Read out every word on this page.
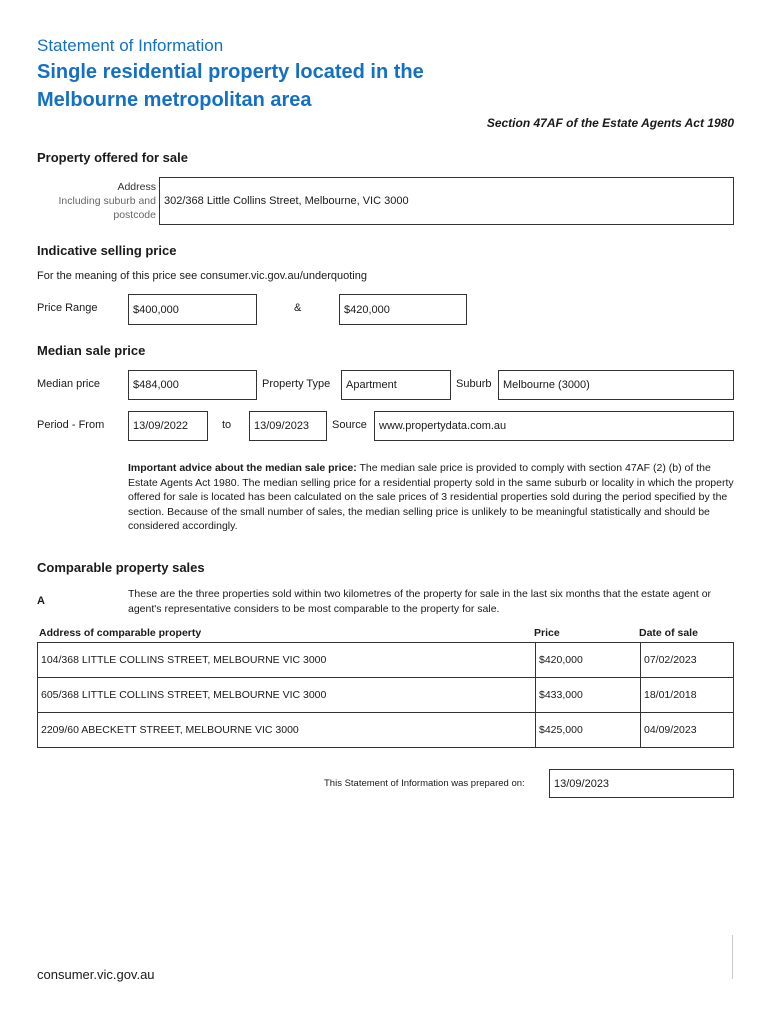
Statement of Information
Single residential property located in the
Melbourne metropolitan area
Section 47AF of the Estate Agents Act 1980
Property offered for sale
Address
Including suburb and
postcode
302/368 Little Collins Street, Melbourne, VIC 3000
Indicative selling price
For the meaning of this price see consumer.vic.gov.au/underquoting
Price Range	$400,000	&	$420,000
Median sale price
Median price	$484,000	Property Type	Apartment	Suburb	Melbourne (3000)
Period - From	13/09/2022	to	13/09/2023	Source	www.propertydata.com.au
Important advice about the median sale price: The median sale price is provided to comply with section 47AF (2) (b) of the Estate Agents Act 1980. The median selling price for a residential property sold in the same suburb or locality in which the property offered for sale is located has been calculated on the sale prices of 3 residential properties sold during the period specified by the section. Because of the small number of sales, the median selling price is unlikely to be meaningful statistically and should be considered accordingly.
Comparable property sales
A
These are the three properties sold within two kilometres of the property for sale in the last six months that the estate agent or agent's representative considers to be most comparable to the property for sale.
Address of comparable property	Price	Date of sale
104/368 LITTLE COLLINS STREET, MELBOURNE VIC 3000	$420,000	07/02/2023
605/368 LITTLE COLLINS STREET, MELBOURNE VIC 3000	$433,000	18/01/2018
2209/60 ABECKETT STREET, MELBOURNE VIC 3000	$425,000	04/09/2023
This Statement of Information was prepared on:	13/09/2023
consumer.vic.gov.au
